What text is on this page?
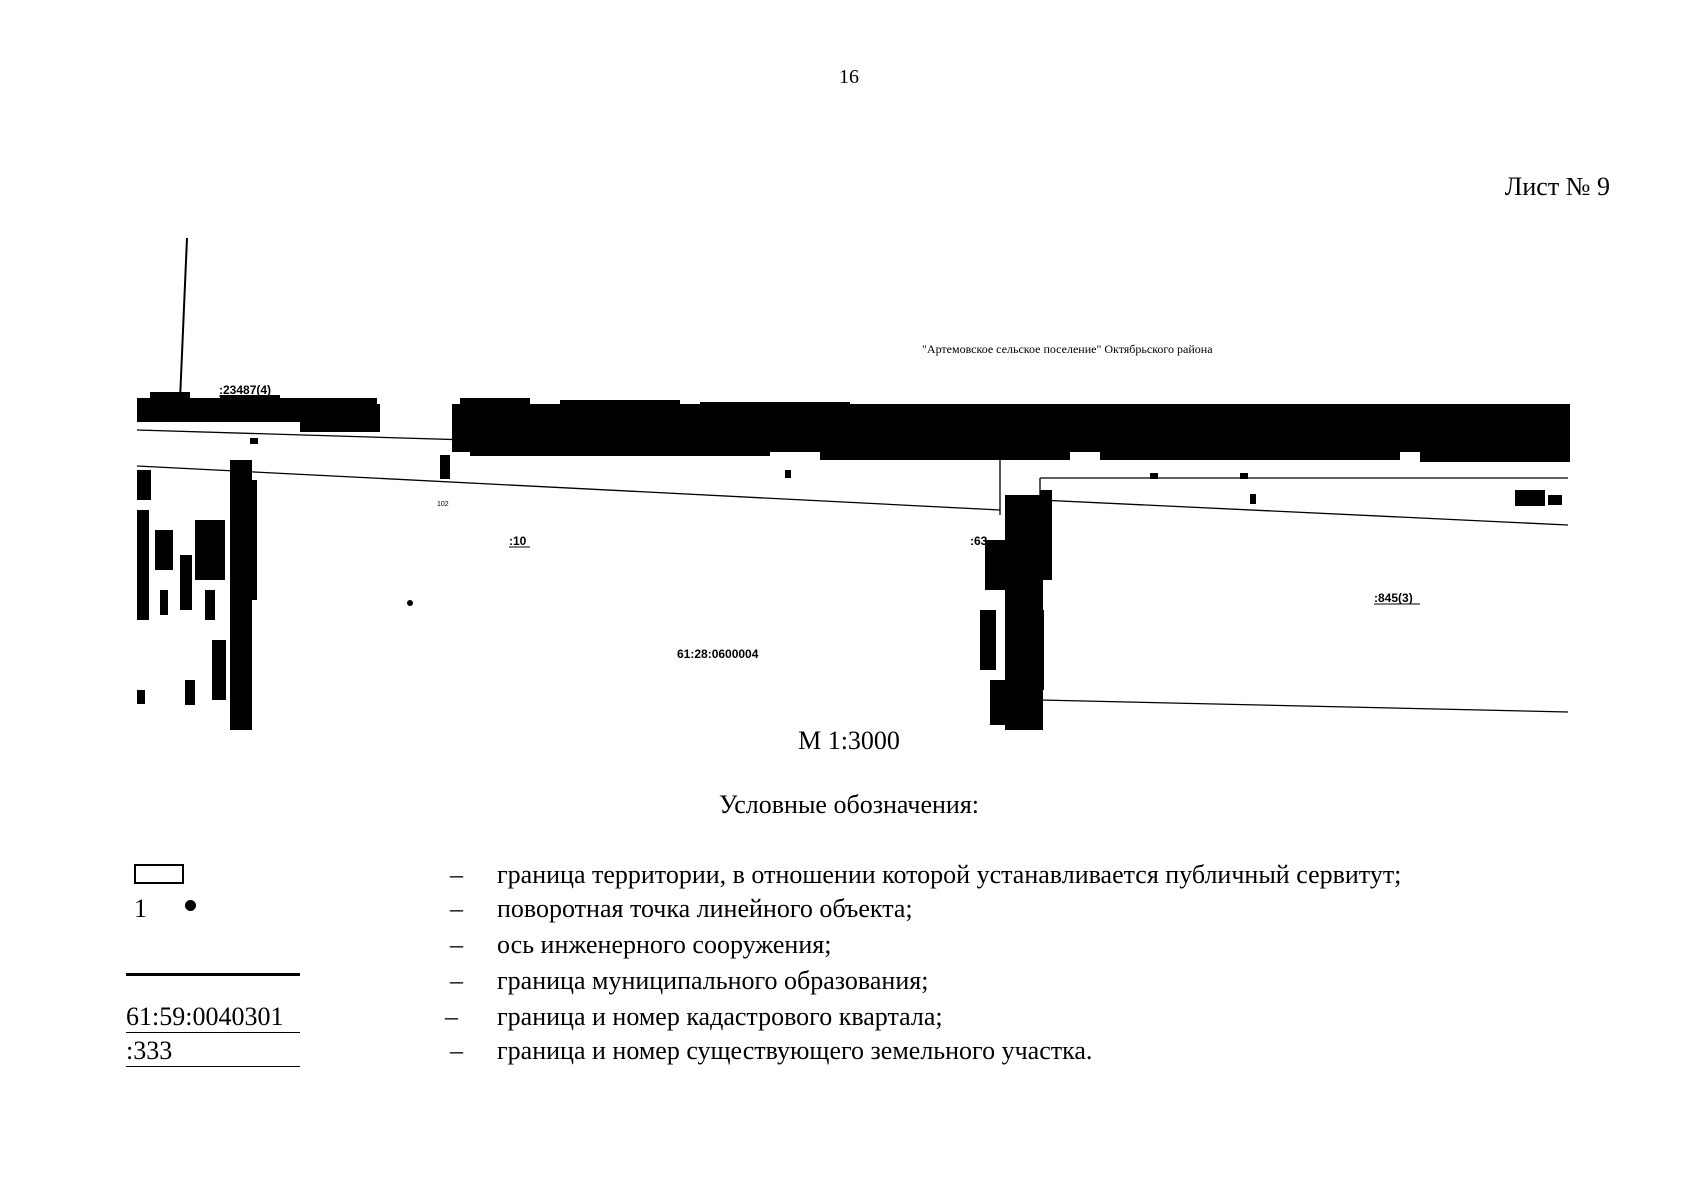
16
Лист № 9
:23487(4)
:10	:63
:845(3)
61:28:0600004
102
"Артемовское сельское поселение" Октябрьского района
М 1:3000
Условные обозначения:
– граница территории, в отношении которой устанавливается публичный сервитут;
1	– поворотная точка линейного объекта;
– ось инженерного сооружения;
– граница муниципального образования;
61:59:0040301	– граница и номер кадастрового квартала;
:333	– граница и номер существующего земельного участка.
